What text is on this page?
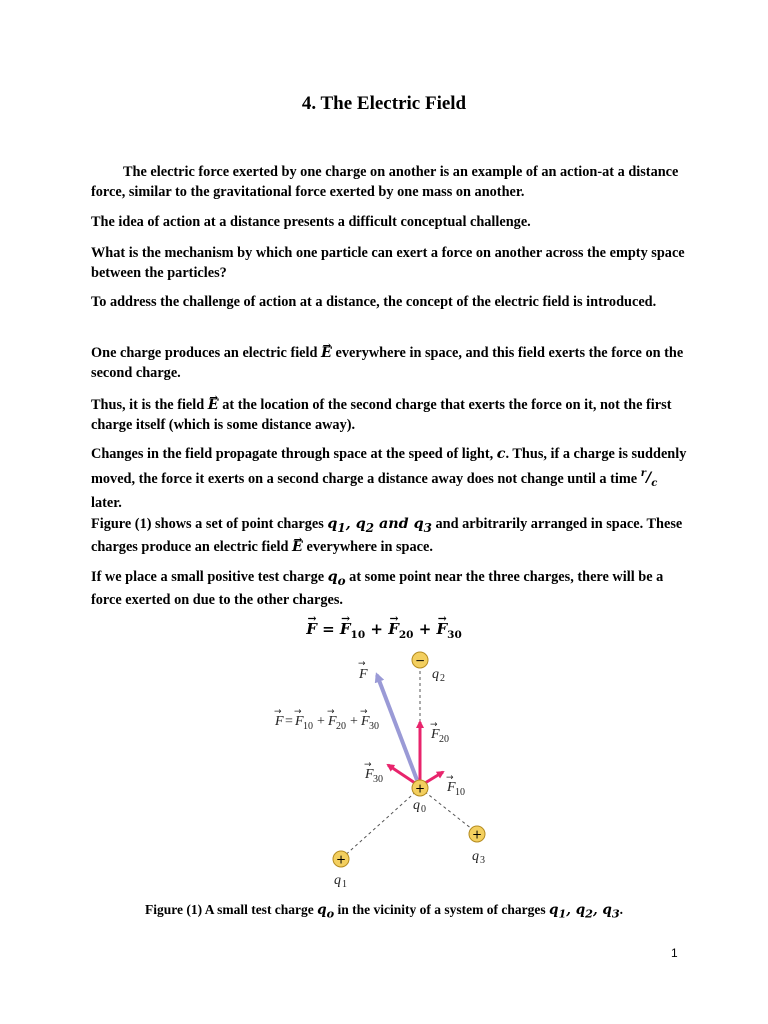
4. The Electric Field

The electric force exerted by one charge on another is an example of an action-at a distance force, similar to the gravitational force exerted by one mass on another.

The idea of action at a distance presents a difficult conceptual challenge.

What is the mechanism by which one particle can exert a force on another across the empty space between the particles?

To address the challenge of action at a distance, the concept of the electric field is introduced.

One charge produces an electric field → E everywhere in space, and this field exerts the force on the second charge.

Thus, it is the field → E at the location of the second charge that exerts the force on it, not the first charge itself (which is some distance away).

Changes in the field propagate through space at the speed of light, c. Thus, if a charge is suddenly moved, the force it exerts on a second charge a distance away does not change until a time $^r/_c$ later.

Figure (1) shows a set of point charges $q_1$, $q_2$ and $q_3$ and arbitrarily arranged in space. These charges produce an electric field → E everywhere in space.

If we place a small positive test charge $q_o$ at some point near the three charges, there will be a force exerted on due to the other charges.

→ F = → $F_{10}$ + → $F_{20}$ + → $F_{30}$
−
+
+
+
F
→
F
→
= F
→
10 + F
→
20 + F
→
30
F
→
20
F
→
30
F
→
10
q 2
q 0
q 1
q 3
Figure (1) A small test charge $q_o$ in the vicinity of a system of charges $q_1$, $q_2$, $q_3$.
1
